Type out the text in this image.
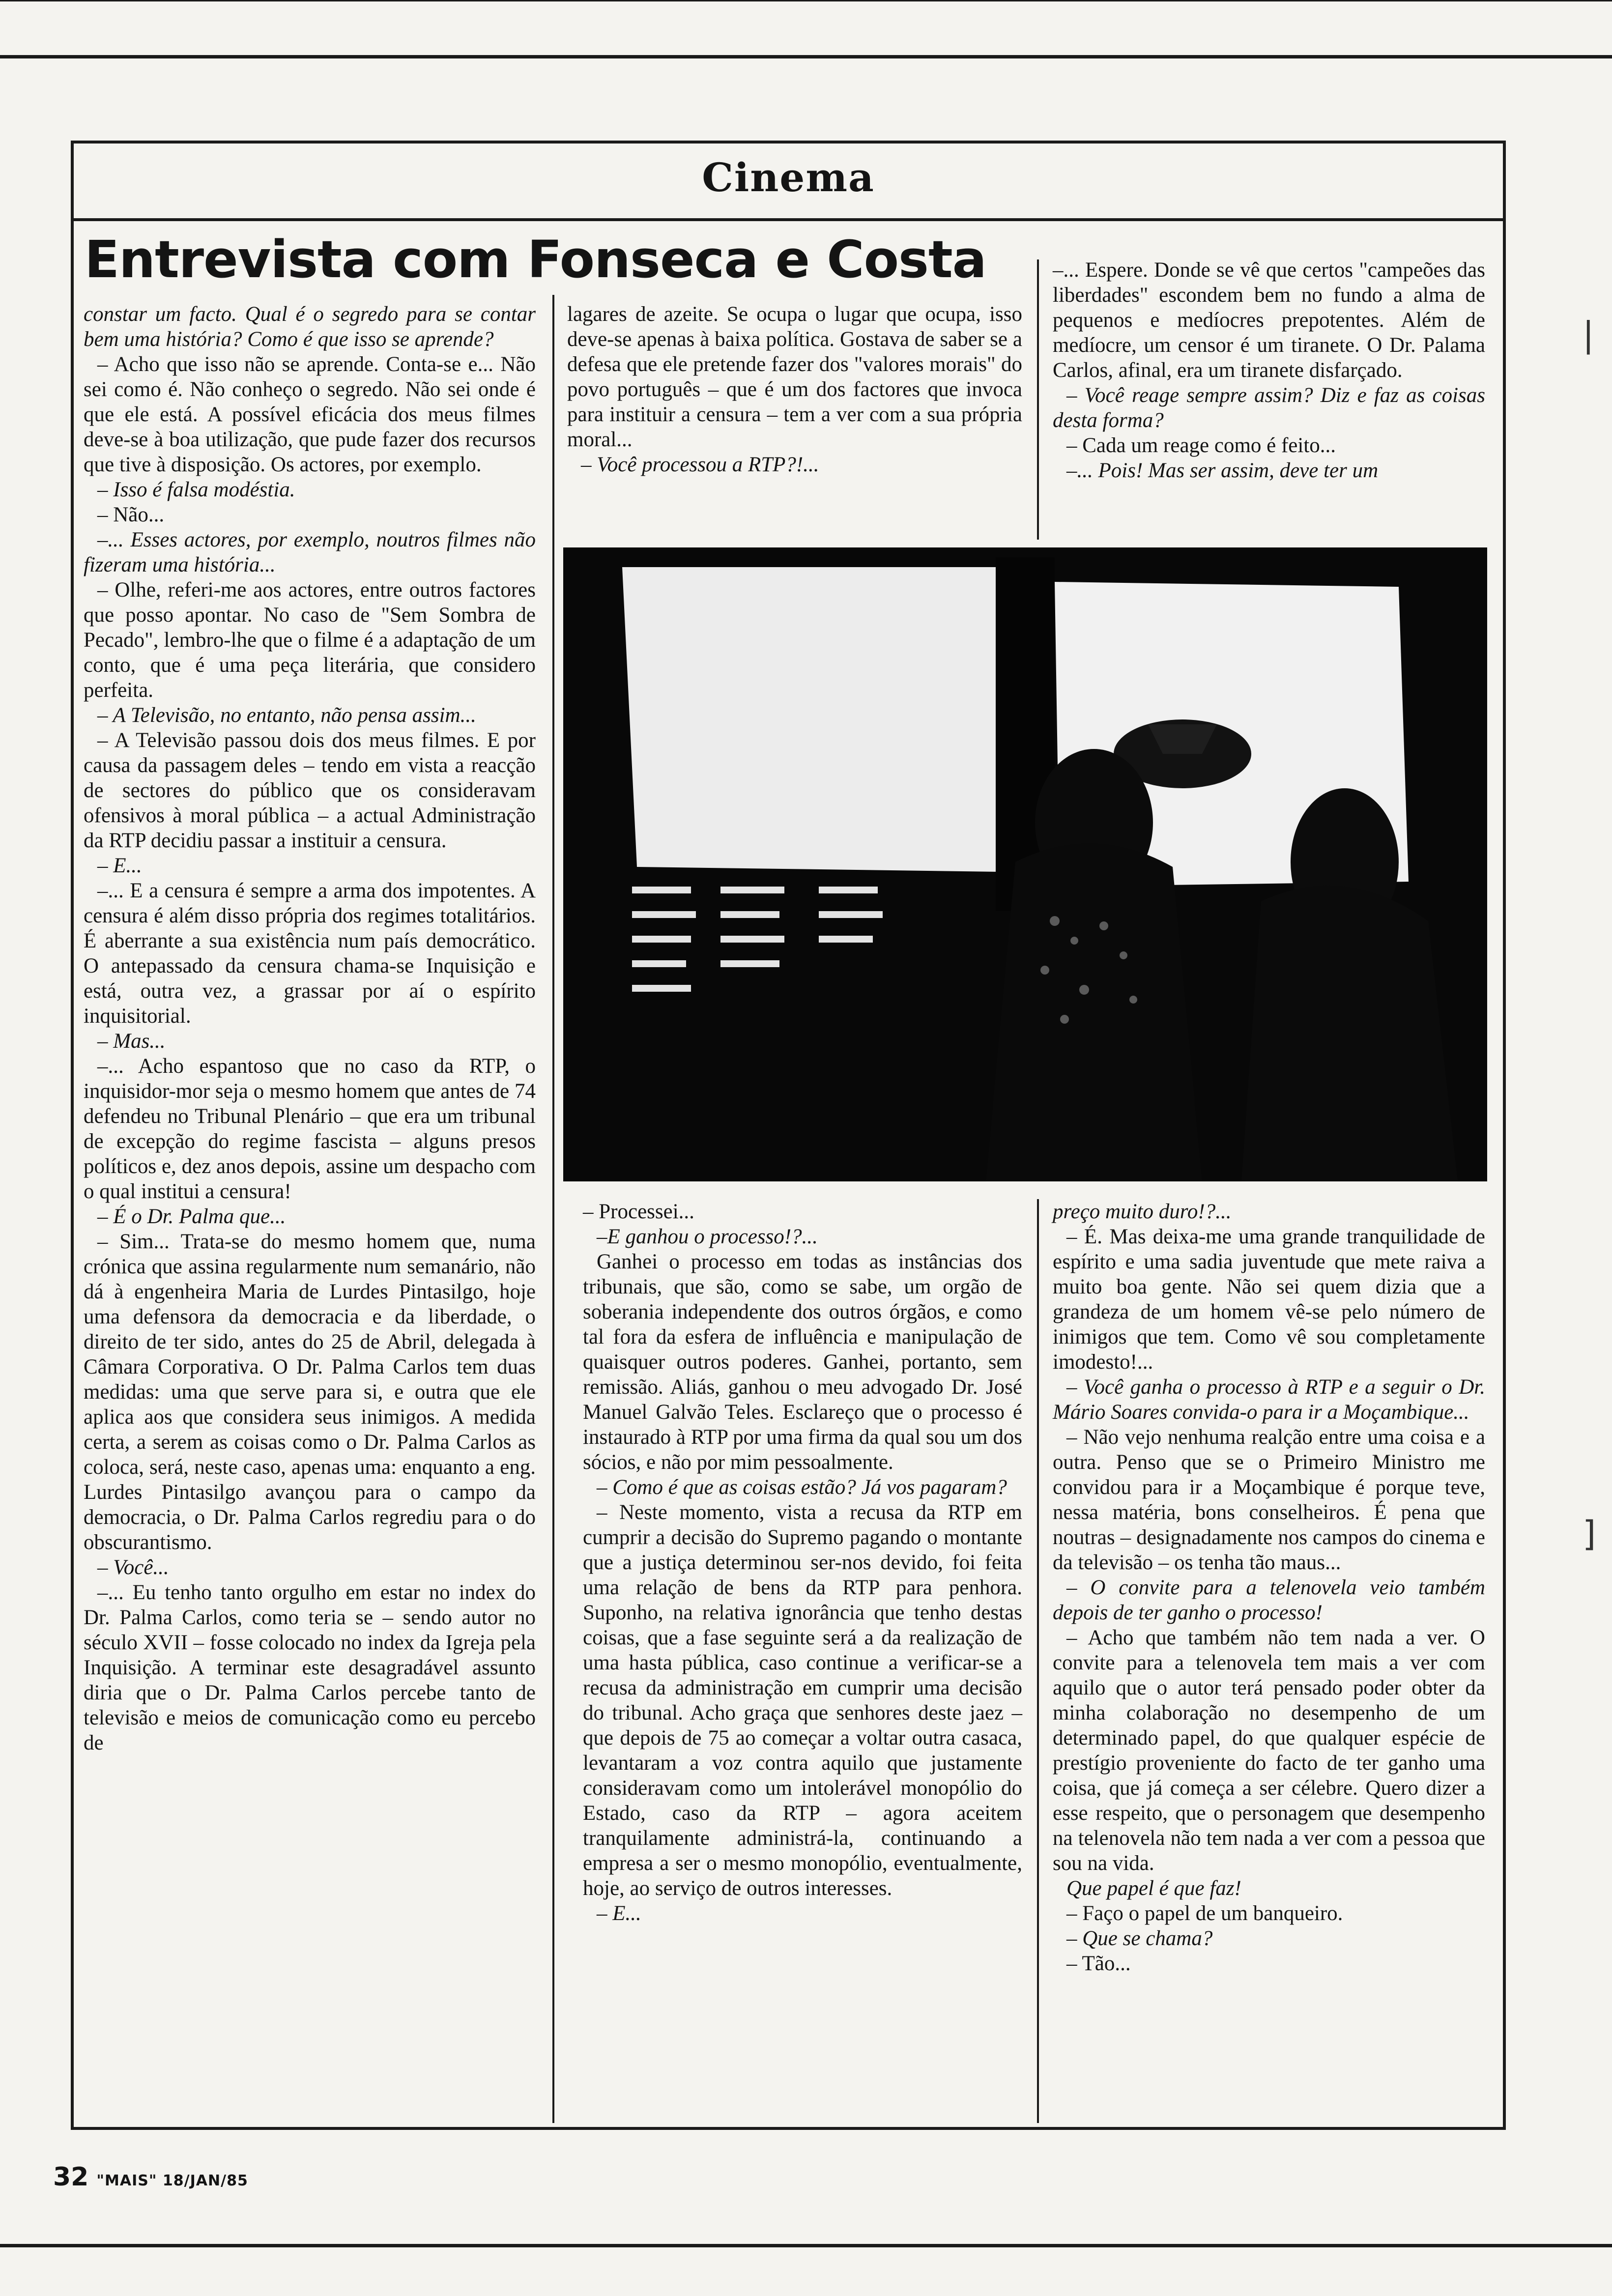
Cinema
Entrevista com Fonseca e Costa

constar um facto. Qual é o segredo para se contar bem uma história? Como é que isso se aprende?

– Acho que isso não se aprende. Conta-se e... Não sei como é. Não conheço o segredo. Não sei onde é que ele está. A possível eficácia dos meus filmes deve-se à boa utilização, que pude fazer dos recursos que tive à disposição. Os actores, por exemplo.

– Isso é falsa modéstia.

– Não...

–... Esses actores, por exemplo, noutros filmes não fizeram uma história...

– Olhe, referi-me aos actores, entre outros factores que posso apontar. No caso de "Sem Sombra de Pecado", lembro-lhe que o filme é a adaptação de um conto, que é uma peça literária, que considero perfeita.

– A Televisão, no entanto, não pensa assim...

– A Televisão passou dois dos meus filmes. E por causa da passagem deles – tendo em vista a reacção de sectores do público que os consideravam ofensivos à moral pública – a actual Administração da RTP decidiu passar a instituir a censura.

– E...

–... E a censura é sempre a arma dos impotentes. A censura é além disso própria dos regimes totalitários. É aberrante a sua existência num país democrático. O antepassado da censura chama-se Inquisição e está, outra vez, a grassar por aí o espírito inquisitorial.

– Mas...

–... Acho espantoso que no caso da RTP, o inquisidor-mor seja o mesmo homem que antes de 74 defendeu no Tribunal Plenário – que era um tribunal de excepção do regime fascista – alguns presos políticos e, dez anos depois, assine um despacho com o qual institui a censura!

– É o Dr. Palma que...

– Sim... Trata-se do mesmo homem que, numa crónica que assina regularmente num semanário, não dá à engenheira Maria de Lurdes Pintasilgo, hoje uma defensora da democracia e da liberdade, o direito de ter sido, antes do 25 de Abril, delegada à Câmara Corporativa. O Dr. Palma Carlos tem duas medidas: uma que serve para si, e outra que ele aplica aos que considera seus inimigos. A medida certa, a serem as coisas como o Dr. Palma Carlos as coloca, será, neste caso, apenas uma: enquanto a eng. Lurdes Pintasilgo avançou para o campo da democracia, o Dr. Palma Carlos regrediu para o do obscurantismo.

– Você...

–... Eu tenho tanto orgulho em estar no index do Dr. Palma Carlos, como teria se – sendo autor no século XVII – fosse colocado no index da Igreja pela Inquisição. A terminar este desagradável assunto diria que o Dr. Palma Carlos percebe tanto de televisão e meios de comunicação como eu percebo de

lagares de azeite. Se ocupa o lugar que ocupa, isso deve-se apenas à baixa política. Gostava de saber se a defesa que ele pretende fazer dos "valores morais" do povo português – que é um dos factores que invoca para instituir a censura – tem a ver com a sua própria moral...

– Você processou a RTP?!...

–... Espere. Donde se vê que certos "campeões das liberdades" escondem bem no fundo a alma de pequenos e medíocres prepotentes. Além de medíocre, um censor é um tiranete. O Dr. Palama Carlos, afinal, era um tiranete disfarçado.

– Você reage sempre assim? Diz e faz as coisas desta forma?

– Cada um reage como é feito...

–... Pois! Mas ser assim, deve ter um

– Processei...

–E ganhou o processo!?...

Ganhei o processo em todas as instâncias dos tribunais, que são, como se sabe, um orgão de soberania independente dos outros órgãos, e como tal fora da esfera de influência e manipulação de quaisquer outros poderes. Ganhei, portanto, sem remissão. Aliás, ganhou o meu advogado Dr. José Manuel Galvão Teles. Esclareço que o processo é instaurado à RTP por uma firma da qual sou um dos sócios, e não por mim pessoalmente.

– Como é que as coisas estão? Já vos pagaram?

– Neste momento, vista a recusa da RTP em cumprir a decisão do Supremo pagando o montante que a justiça determinou ser-nos devido, foi feita uma relação de bens da RTP para penhora. Suponho, na relativa ignorância que tenho destas coisas, que a fase seguinte será a da realização de uma hasta pública, caso continue a verificar-se a recusa da administração em cumprir uma decisão do tribunal. Acho graça que senhores deste jaez – que depois de 75 ao começar a voltar outra casaca, levantaram a voz contra aquilo que justamente consideravam como um intolerável monopólio do Estado, caso da RTP – agora aceitem tranquilamente administrá-la, continuando a empresa a ser o mesmo monopólio, eventualmente, hoje, ao serviço de outros interesses.

– E...

preço muito duro!?...

– É. Mas deixa-me uma grande tranquilidade de espírito e uma sadia juventude que mete raiva a muito boa gente. Não sei quem dizia que a grandeza de um homem vê-se pelo número de inimigos que tem. Como vê sou completamente imodesto!...

– Você ganha o processo à RTP e a seguir o Dr. Mário Soares convida-o para ir a Moçambique...

– Não vejo nenhuma realção entre uma coisa e a outra. Penso que se o Primeiro Ministro me convidou para ir a Moçambique é porque teve, nessa matéria, bons conselheiros. É pena que noutras – designadamente nos campos do cinema e da televisão – os tenha tão maus...

– O convite para a telenovela veio também depois de ter ganho o processo!

– Acho que também não tem nada a ver. O convite para a telenovela tem mais a ver com aquilo que o autor terá pensado poder obter da minha colaboração no desempenho de um determinado papel, do que qualquer espécie de prestígio proveniente do facto de ter ganho uma coisa, que já começa a ser célebre. Quero dizer a esse respeito, que o personagem que desempenho na telenovela não tem nada a ver com a pessoa que sou na vida.

Que papel é que faz!

– Faço o papel de um banqueiro.

– Que se chama?

– Tão...

32 "MAIS" 18/JAN/85
|
]
